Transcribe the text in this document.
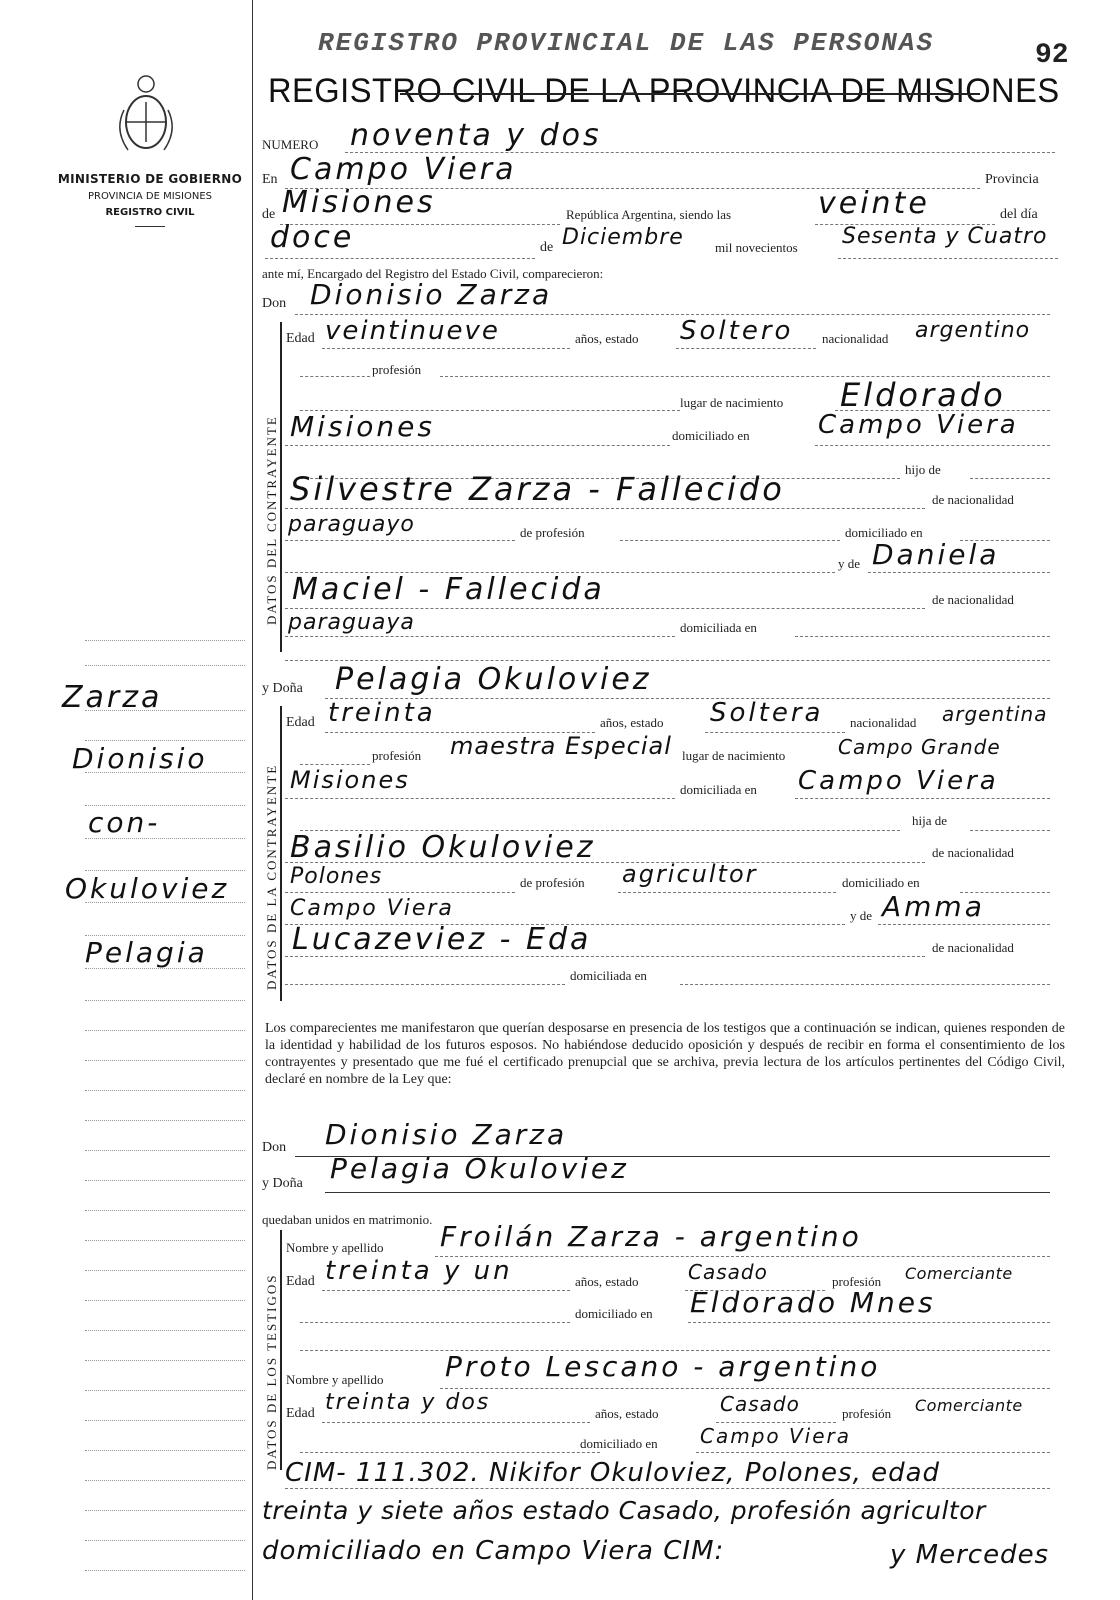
MINISTERIO DE GOBIERNO
PROVINCIA DE MISIONES
REGISTRO CIVIL
Zarza
Dionisio
con-
Okuloviez
Pelagia
REGISTRO PROVINCIAL DE LAS PERSONAS	92
REGISTRO CIVIL DE LA PROVINCIA DE MISIONES
NUMERO noventa y dos
En Campo Viera	Provincia
de Misiones	República Argentina, siendo las	veinte	del día
doce	de Diciembre mil novecientos Sesenta y Cuatro
ante mí, Encargado del Registro del Estado Civil, comparecieron:
Don Dionisio Zarza
DATOS DEL CONTRAYENTE
Edad veintinueve	años, estado Soltero nacionalidad argentino
profesión
lugar de nacimiento Eldorado
Misiones	domiciliado en	Campo Viera
hijo de
Silvestre Zarza - Fallecido	de nacionalidad
paraguayo	de profesión	domiciliado en
y de Daniela
Maciel - Fallecida	de nacionalidad
paraguaya	domiciliada en
y Doña Pelagia Okuloviez
DATOS DE LA CONTRAYENTE
Edad treinta	años, estado Soltera nacionalidad argentina
profesión maestra Especial lugar de nacimiento	Campo Grande
Misiones	domiciliada en Campo Viera
hija de
Basilio Okuloviez	de nacionalidad
Polones	de profesión agricultor	domiciliado en
Campo Viera	y de Amma
Lucazeviez - Eda	de nacionalidad
domiciliada en
Los comparecientes me manifestaron que querían desposarse en presencia de los testigos que a continuación se indican, quienes responden de la identidad y habilidad de los futuros esposos. No habiéndose deducido oposición y después de recibir en forma el consentimiento de los contrayentes y presentado que me fué el certificado prenupcial que se archiva, previa lectura de los artículos pertinentes del Código Civil, declaré en nombre de la Ley que:
Don Dionisio Zarza
y Doña Pelagia Okuloviez
quedaban unidos en matrimonio.
DATOS DE LOS TESTIGOS
Nombre y apellido Froilán Zarza - argentino
Edad treinta y un	años, estado Casado	profesión Comerciante
domiciliado en Eldorado Mnes
Nombre y apellido Proto Lescano - argentino
Edad treinta y dos	años, estado	Casado	profesión Comerciante
domiciliado en Campo Viera
CIM- 111.302. Nikifor Okuloviez, Polones, edad
treinta y siete años estado Casado, profesión agricultor
domiciliado en Campo Viera CIM:	y Mercedes
